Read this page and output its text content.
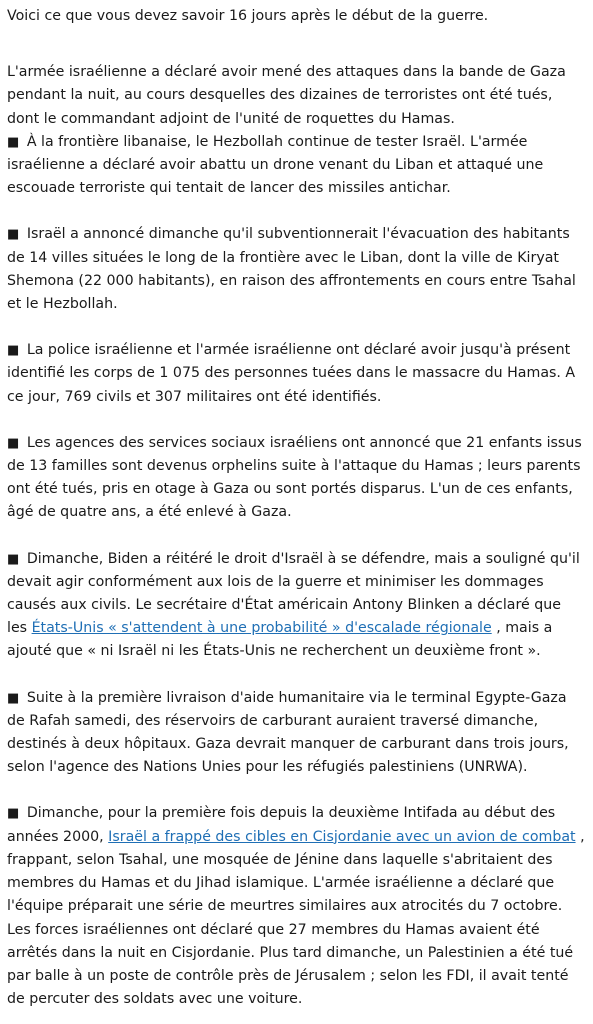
Voici ce que vous devez savoir 16 jours après le début de la guerre.

L'armée israélienne a déclaré avoir mené des attaques dans la bande de Gaza pendant la nuit, au cours desquelles des dizaines de terroristes ont été tués, dont le commandant adjoint de l'unité de roquettes du Hamas.

■ À la frontière libanaise, le Hezbollah continue de tester Israël. L'armée israélienne a déclaré avoir abattu un drone venant du Liban et attaqué une escouade terroriste qui tentait de lancer des missiles antichar.

■ Israël a annoncé dimanche qu'il subventionnerait l'évacuation des habitants de 14 villes situées le long de la frontière avec le Liban, dont la ville de Kiryat Shemona (22 000 habitants), en raison des affrontements en cours entre Tsahal et le Hezbollah.

■ La police israélienne et l'armée israélienne ont déclaré avoir jusqu'à présent identifié les corps de 1 075 des personnes tuées dans le massacre du Hamas. A ce jour, 769 civils et 307 militaires ont été identifiés.

■ Les agences des services sociaux israéliens ont annoncé que 21 enfants issus de 13 familles sont devenus orphelins suite à l'attaque du Hamas ; leurs parents ont été tués, pris en otage à Gaza ou sont portés disparus. L'un de ces enfants, âgé de quatre ans, a été enlevé à Gaza.

■ Dimanche, Biden a réitéré le droit d'Israël à se défendre, mais a souligné qu'il devait agir conformément aux lois de la guerre et minimiser les dommages causés aux civils. Le secrétaire d'État américain Antony Blinken a déclaré que les États-Unis « s'attendent à une probabilité » d'escalade régionale , mais a ajouté que « ni Israël ni les États-Unis ne recherchent un deuxième front ».

■ Suite à la première livraison d'aide humanitaire via le terminal Egypte-Gaza de Rafah samedi, des réservoirs de carburant auraient traversé dimanche, destinés à deux hôpitaux. Gaza devrait manquer de carburant dans trois jours, selon l'agence des Nations Unies pour les réfugiés palestiniens (UNRWA).

■ Dimanche, pour la première fois depuis la deuxième Intifada au début des années 2000, Israël a frappé des cibles en Cisjordanie avec un avion de combat , frappant, selon Tsahal, une mosquée de Jénine dans laquelle s'abritaient des membres du Hamas et du Jihad islamique. L'armée israélienne a déclaré que l'équipe préparait une série de meurtres similaires aux atrocités du 7 octobre. Les forces israéliennes ont déclaré que 27 membres du Hamas avaient été arrêtés dans la nuit en Cisjordanie. Plus tard dimanche, un Palestinien a été tué par balle à un poste de contrôle près de Jérusalem ; selon les FDI, il avait tenté de percuter des soldats avec une voiture.
